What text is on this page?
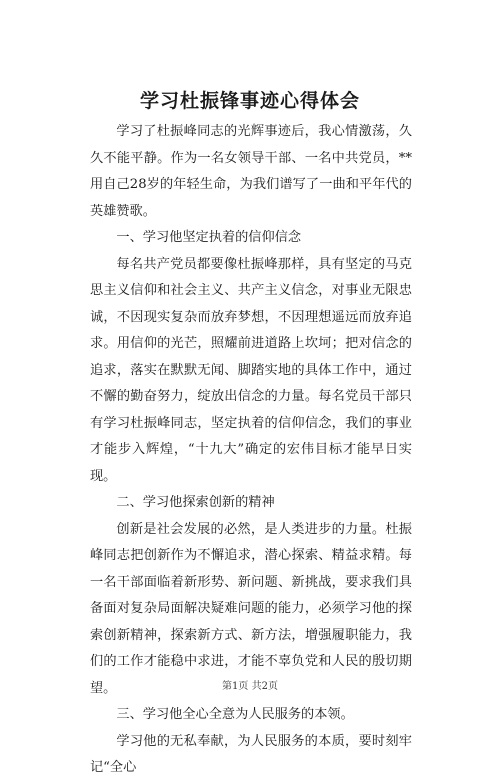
学习杜振锋事迹心得体会

学习了杜振峰同志的光辉事迹后，我心情激荡，久久不能平静。作为一名女领导干部、一名中共党员，**用自己28岁的年轻生命，为我们谱写了一曲和平年代的英雄赞歌。

一、学习他坚定执着的信仰信念

每名共产党员都要像杜振峰那样，具有坚定的马克思主义信仰和社会主义、共产主义信念，对事业无限忠诚，不因现实复杂而放弃梦想，不因理想遥远而放弃追求。用信仰的光芒，照耀前进道路上坎坷；把对信念的追求，落实在默默无闻、脚踏实地的具体工作中，通过不懈的勤奋努力，绽放出信念的力量。每名党员干部只有学习杜振峰同志，坚定执着的信仰信念，我们的事业才能步入辉煌，“十九大”确定的宏伟目标才能早日实现。

二、学习他探索创新的精神

创新是社会发展的必然，是人类进步的力量。杜振峰同志把创新作为不懈追求，潜心探索、精益求精。每一名干部面临着新形势、新问题、新挑战，要求我们具备面对复杂局面解决疑难问题的能力，必须学习他的探索创新精神，探索新方式、新方法，增强履职能力，我们的工作才能稳中求进，才能不辜负党和人民的殷切期望。

三、学习他全心全意为人民服务的本领。

学习他的无私奉献，为人民服务的本质，要时刻牢记“全心

第1页 共2页
